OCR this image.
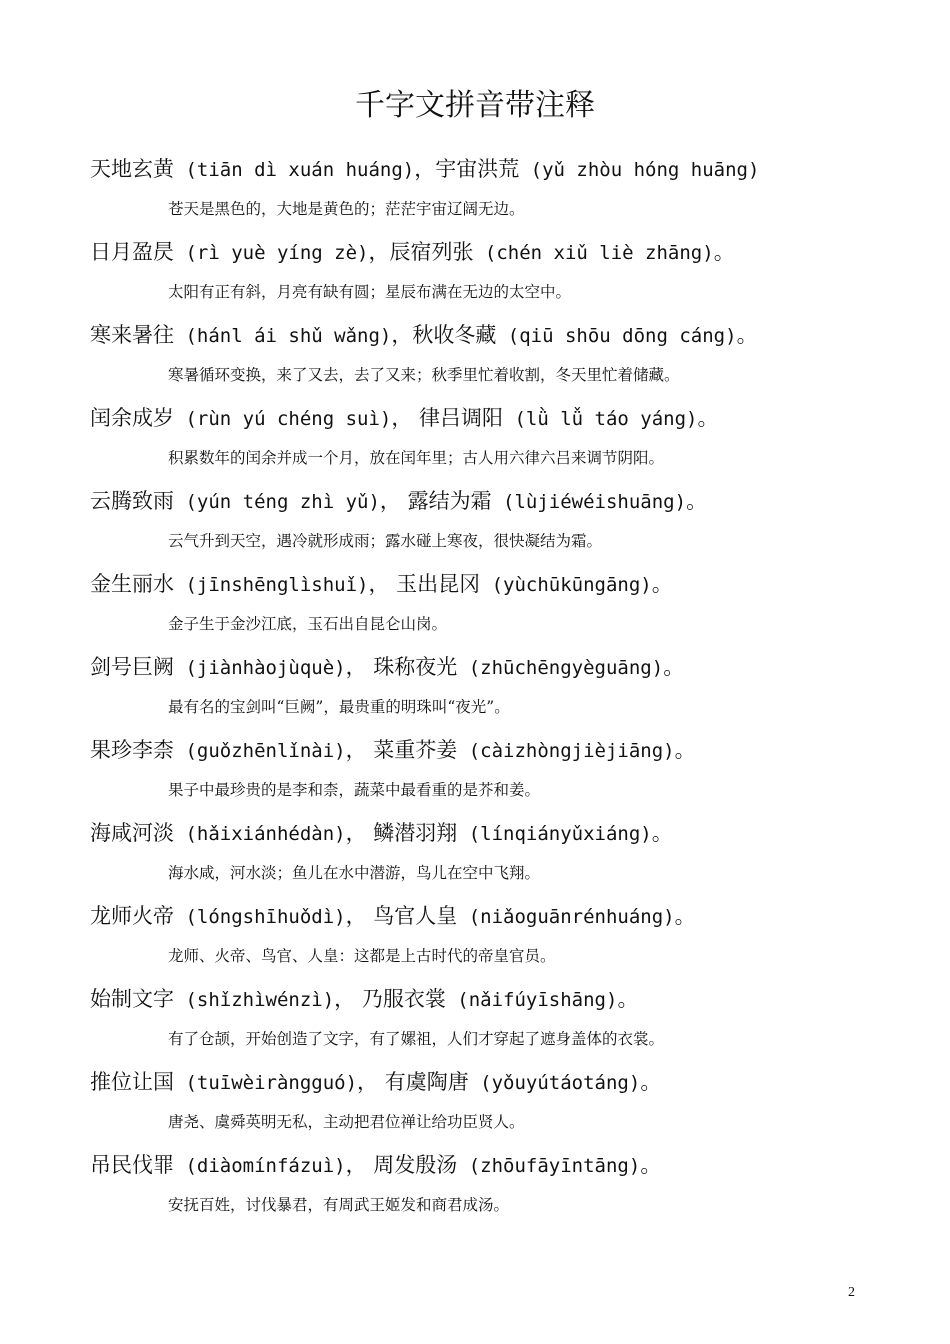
千字文拼音带注释
天地玄黄 (tiān dì xuán huáng)，宇宙洪荒 (yǔ zhòu hóng huāng)
苍天是黑色的，大地是黄色的；茫茫宇宙辽阔无边。
日月盈昃 (rì yuè yíng zè)，辰宿列张 (chén xiǔ liè zhāng)。
太阳有正有斜，月亮有缺有圆；星辰布满在无边的太空中。
寒来暑往 (hánl ái shǔ wǎng)，秋收冬藏 (qiū shōu dōng cáng)。
寒暑循环变换，来了又去，去了又来；秋季里忙着收割，冬天里忙着储藏。
闰余成岁 (rùn yú chéng suì)， 律吕调阳 (lǜ lǚ táo yáng)。
积累数年的闰余并成一个月，放在闰年里；古人用六律六吕来调节阴阳。
云腾致雨 (yún téng zhì yǔ)， 露结为霜 (lùjiéwéishuāng)。
云气升到天空，遇冷就形成雨；露水碰上寒夜，很快凝结为霜。
金生丽水 (jīnshēnglìshuǐ)， 玉出昆冈 (yùchūkūngāng)。
金子生于金沙江底，玉石出自昆仑山岗。
剑号巨阙 (jiànhàojùquè)， 珠称夜光 (zhūchēngyèguāng)。
最有名的宝剑叫“巨阙”，最贵重的明珠叫“夜光”。
果珍李柰 (guǒzhēnlǐnài)， 菜重芥姜 (càizhòngjièjiāng)。
果子中最珍贵的是李和柰，蔬菜中最看重的是芥和姜。
海咸河淡 (hǎixiánhédàn)， 鳞潜羽翔 (línqiányǔxiáng)。
海水咸，河水淡；鱼儿在水中潜游，鸟儿在空中飞翔。
龙师火帝 (lóngshīhuǒdì)， 鸟官人皇 (niǎoguānrénhuáng)。
龙师、火帝、鸟官、人皇：这都是上古时代的帝皇官员。
始制文字 (shǐzhìwénzì)， 乃服衣裳 (nǎifúyīshāng)。
有了仓颉，开始创造了文字，有了嫘祖，人们才穿起了遮身盖体的衣裳。
推位让国 (tuīwèiràngguó)， 有虞陶唐 (yǒuyútáotáng)。
唐尧、虞舜英明无私，主动把君位禅让给功臣贤人。
吊民伐罪 (diàomínfázuì)， 周发殷汤 (zhōufāyīntāng)。
安抚百姓，讨伐暴君，有周武王姬发和商君成汤。
2
